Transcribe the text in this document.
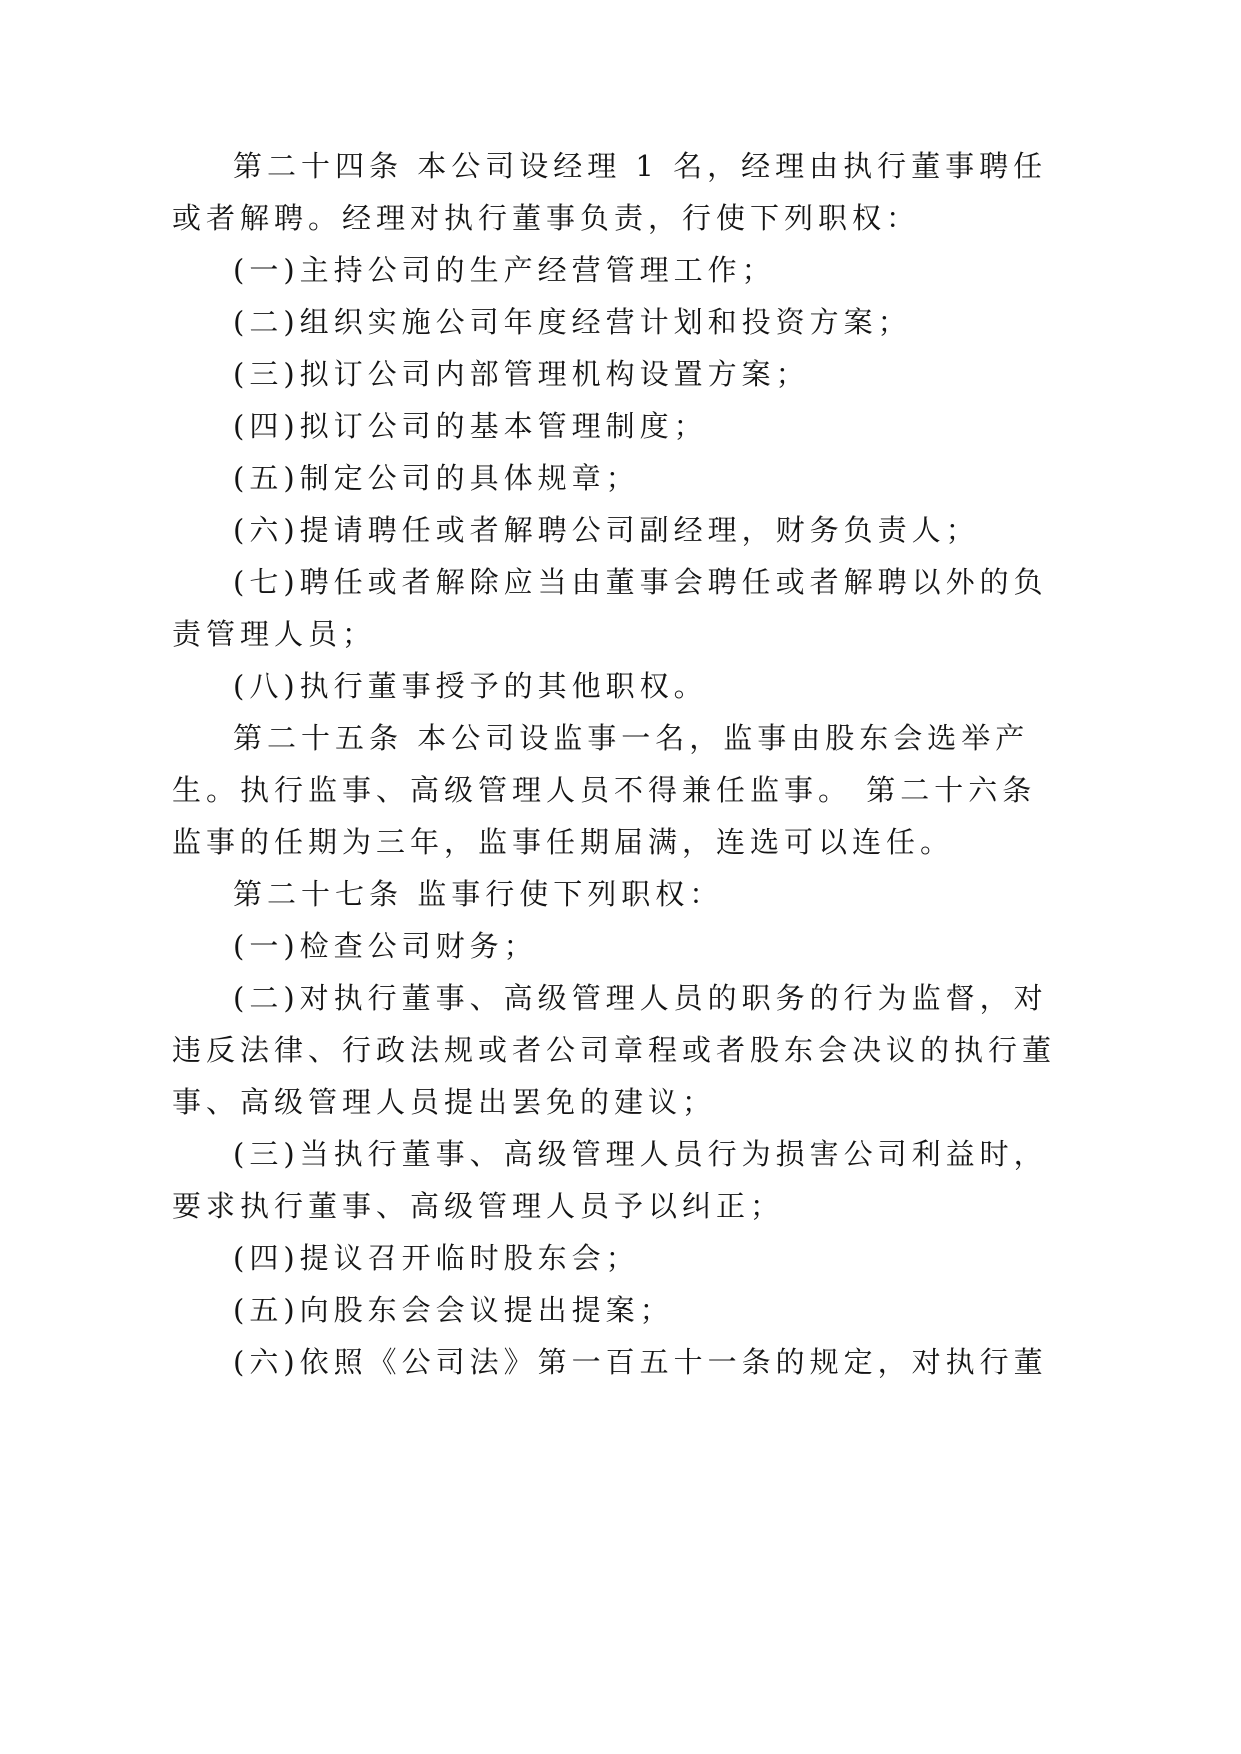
第二十四条 本公司设经理 1 名，经理由执行董事聘任
或者解聘。经理对执行董事负责，行使下列职权：
(一)主持公司的生产经营管理工作；
(二)组织实施公司年度经营计划和投资方案；
(三)拟订公司内部管理机构设置方案；
(四)拟订公司的基本管理制度；
(五)制定公司的具体规章；
(六)提请聘任或者解聘公司副经理，财务负责人；
(七)聘任或者解除应当由董事会聘任或者解聘以外的负
责管理人员；
(八)执行董事授予的其他职权。
第二十五条 本公司设监事一名，监事由股东会选举产
生。执行监事、高级管理人员不得兼任监事。 第二十六条
监事的任期为三年，监事任期届满，连选可以连任。
第二十七条 监事行使下列职权：
(一)检查公司财务；
(二)对执行董事、高级管理人员的职务的行为监督，对
违反法律、行政法规或者公司章程或者股东会决议的执行董
事、高级管理人员提出罢免的建议；
(三)当执行董事、高级管理人员行为损害公司利益时，
要求执行董事、高级管理人员予以纠正；
(四)提议召开临时股东会；
(五)向股东会会议提出提案；
(六)依照《公司法》第一百五十一条的规定，对执行董
